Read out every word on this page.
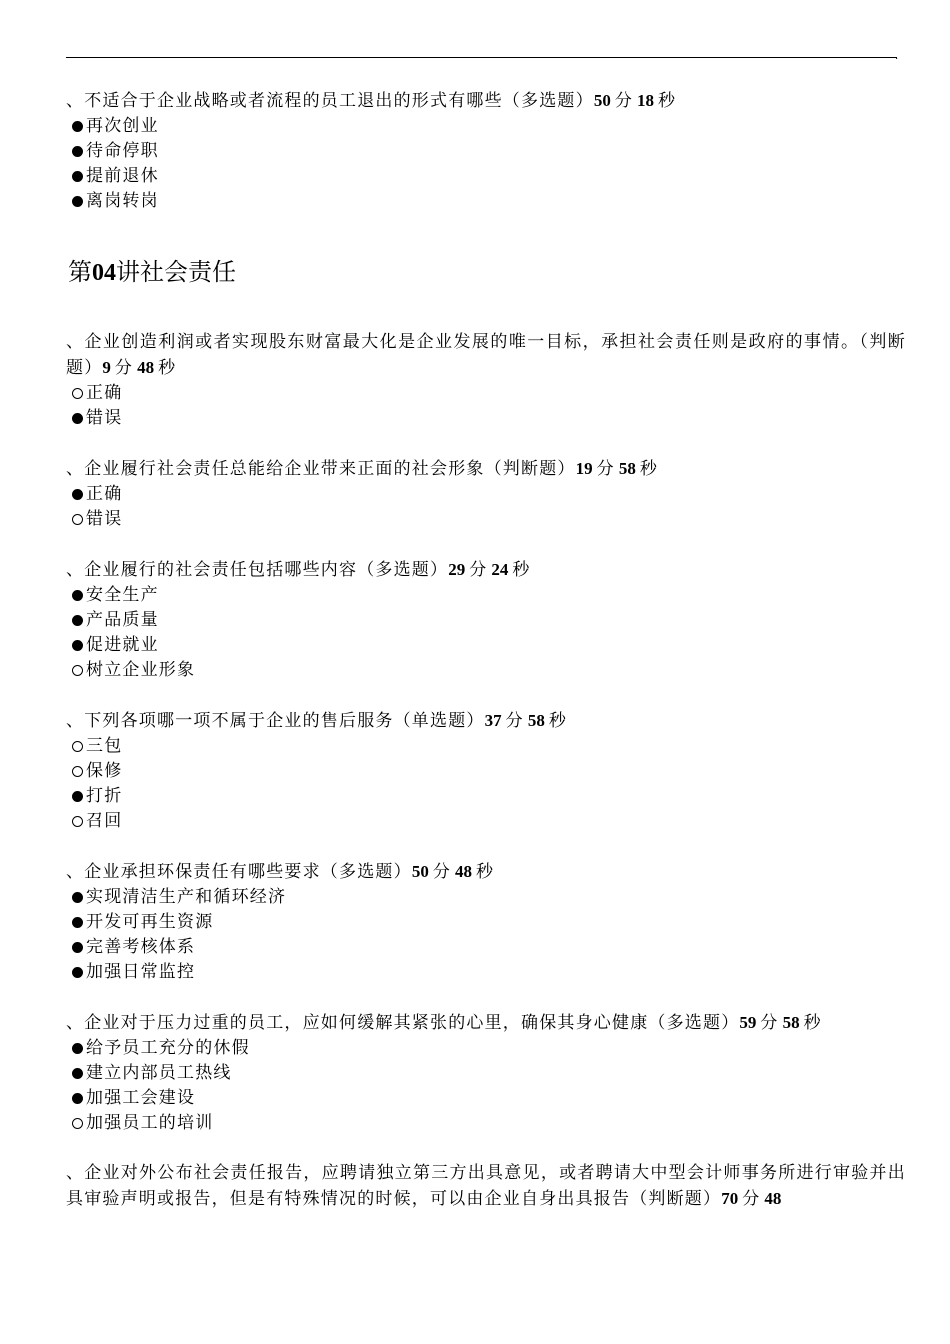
.

、不适合于企业战略或者流程的员工退出的形式有哪些（多选题）50 分 18 秒

再次创业
待命停职
提前退休
离岗转岗
第04讲社会责任

、企业创造利润或者实现股东财富最大化是企业发展的唯一目标，承担社会责任则是政府的事情。（判断题）9 分 48 秒

正确
错误

、企业履行社会责任总能给企业带来正面的社会形象（判断题）19 分 58 秒

正确
错误

、企业履行的社会责任包括哪些内容（多选题）29 分 24 秒

安全生产
产品质量
促进就业
树立企业形象

、下列各项哪一项不属于企业的售后服务（单选题）37 分 58 秒

三包
保修
打折
召回

、企业承担环保责任有哪些要求（多选题）50 分 48 秒

实现清洁生产和循环经济
开发可再生资源
完善考核体系
加强日常监控

、企业对于压力过重的员工，应如何缓解其紧张的心里，确保其身心健康（多选题）59 分 58 秒

给予员工充分的休假
建立内部员工热线
加强工会建设
加强员工的培训

、企业对外公布社会责任报告，应聘请独立第三方出具意见，或者聘请大中型会计师事务所进行审验并出具审验声明或报告，但是有特殊情况的时候，可以由企业自身出具报告（判断题）70 分 48
